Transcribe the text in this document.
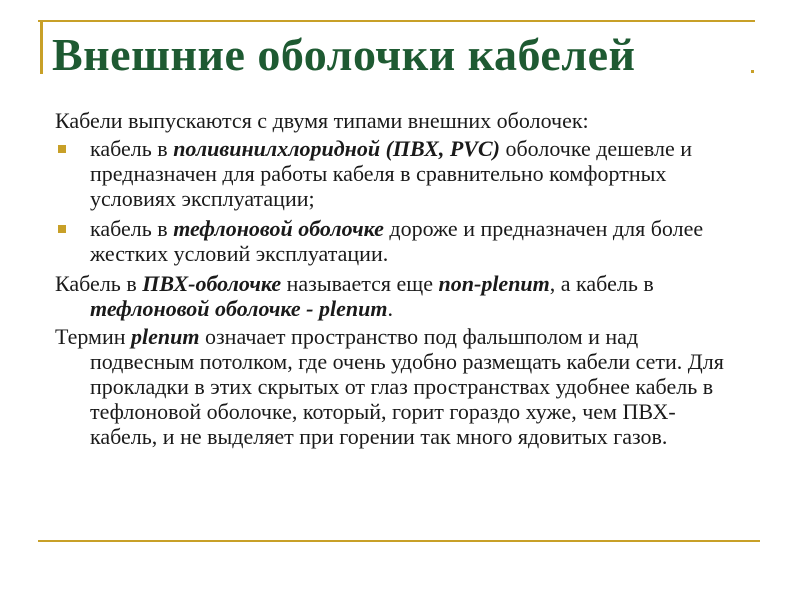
Внешние оболочки кабелей

Кабели выпускаются с двумя типами внешних оболочек:

кабель в поливинилхлоридной (ПВХ, PVC) оболочке дешевле и предназначен для работы кабеля в сравнительно комфортных условиях эксплуатации;
кабель в тефлоновой оболочке дороже и предназначен для более жестких условий эксплуатации.

Кабель в ПВХ-оболочке называется еще non-plenum, а кабель в тефлоновой оболочке - plenum.

Термин plenum означает пространство под фальшполом и над подвесным потолком, где очень удобно размещать кабели сети. Для прокладки в этих скрытых от глаз пространствах удобнее кабель в тефлоновой оболочке, который, горит гораздо хуже, чем ПВХ-кабель, и не выделяет при горении так много ядовитых газов.
